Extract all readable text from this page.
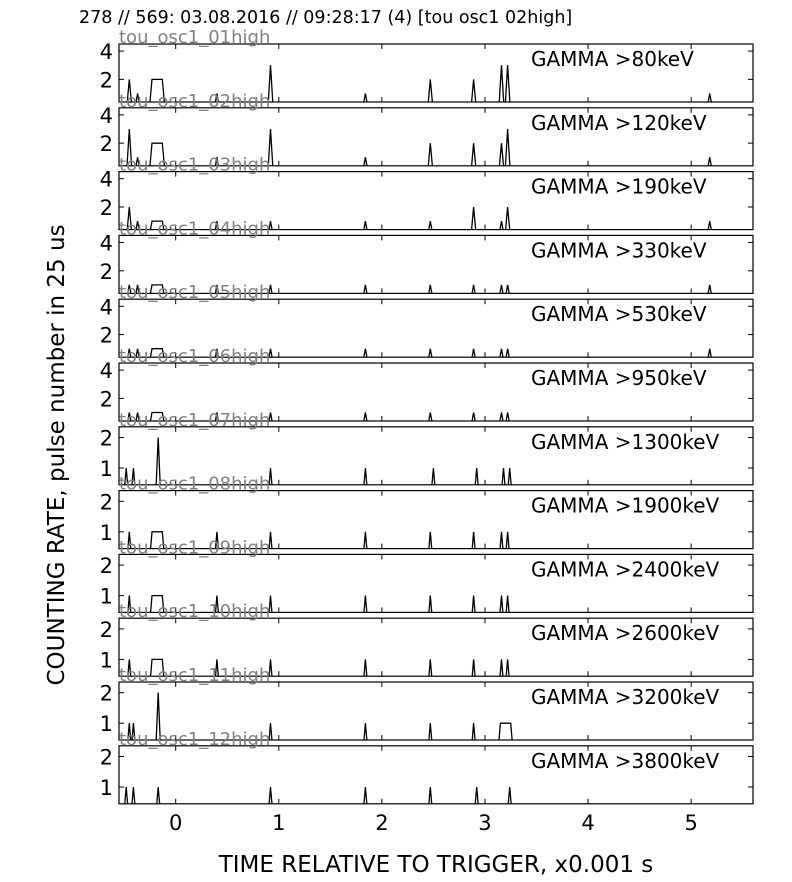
278 // 569: 03.08.2016 // 09:28:17 (4) [tou osc1 02high]
2
4	GAMMA >80keV
tou_osc1_01high
2
4	GAMMA >120keV
tou_osc1_02high
2
4	GAMMA >190keV
tou_osc1_03high
2
4	GAMMA >330keV
tou_osc1_04high
2
4	GAMMA >530keV
tou_osc1_05high
2
4	GAMMA >950keV
tou_osc1_06high
1
2	GAMMA >1300keV
tou_osc1_07high
1
2	GAMMA >1900keV
tou_osc1_08high
1
2	GAMMA >2400keV
tou_osc1_09high
1
2	GAMMA >2600keV
tou_osc1_10high
1
2	GAMMA >3200keV
tou_osc1_11high
1
2	GAMMA >3800keV
tou_osc1_12high
0	1	2	3	4	5
TIME RELATIVE TO TRIGGER, x0.001 s
COUNTING RATE, pulse number in 25 us
